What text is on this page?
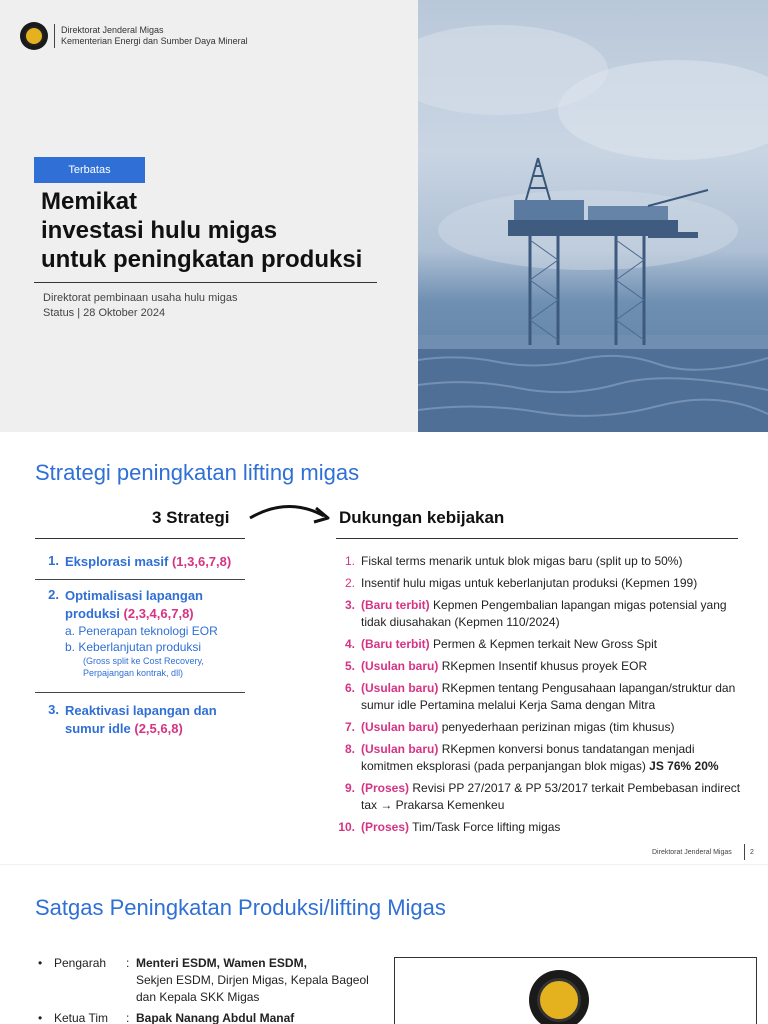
Direktorat Jenderal Migas
Kementerian Energi dan Sumber Daya Mineral
Terbatas
Memikat
investasi hulu migas
untuk peningkatan produksi
Direktorat pembinaan usaha hulu migas
Status | 28 Oktober 2024
Strategi peningkatan lifting migas
3 Strategi	Dukungan kebijakan
1. Eksplorasi masif (1,3,6,7,8)
2. Optimalisasi lapangan
produksi (2,3,4,6,7,8)
a. Penerapan teknologi EOR
b. Keberlanjutan produksi
(Gross split ke Cost Recovery,
Perpajangan kontrak, dll)
3. Reaktivasi lapangan dan
sumur idle (2,5,6,8)
1. Fiskal terms menarik untuk blok migas baru (split up to 50%)
2. Insentif hulu migas untuk keberlanjutan produksi (Kepmen 199)
3. (Baru terbit) Kepmen Pengembalian lapangan migas potensial yang tidak diusahakan (Kepmen 110/2024)
4. (Baru terbit) Permen & Kepmen terkait New Gross Spit
5. (Usulan baru) RKepmen Insentif khusus proyek EOR
6. (Usulan baru) RKepmen tentang Pengusahaan lapangan/struktur dan sumur idle Pertamina melalui Kerja Sama dengan Mitra
7. (Usulan baru) penyederhaan perizinan migas (tim khusus)
8. (Usulan baru) RKepmen konversi bonus tandatangan menjadi komitmen eksplorasi (pada perpanjangan blok migas) JS 76% 20%
9. (Proses) Revisi PP 27/2017 & PP 53/2017 terkait Pembebasan indirect tax → Prakarsa Kemenkeu
10. (Proses) Tim/Task Force lifting migas
Direktorat Jenderal Migas	2
Satgas Peningkatan Produksi/lifting Migas
• Pengarah	: Menteri ESDM, Wamen ESDM,
Sekjen ESDM, Dirjen Migas, Kepala Bageol dan Kepala SKK Migas
• Ketua Tim	: Bapak Nanang Abdul Manaf
